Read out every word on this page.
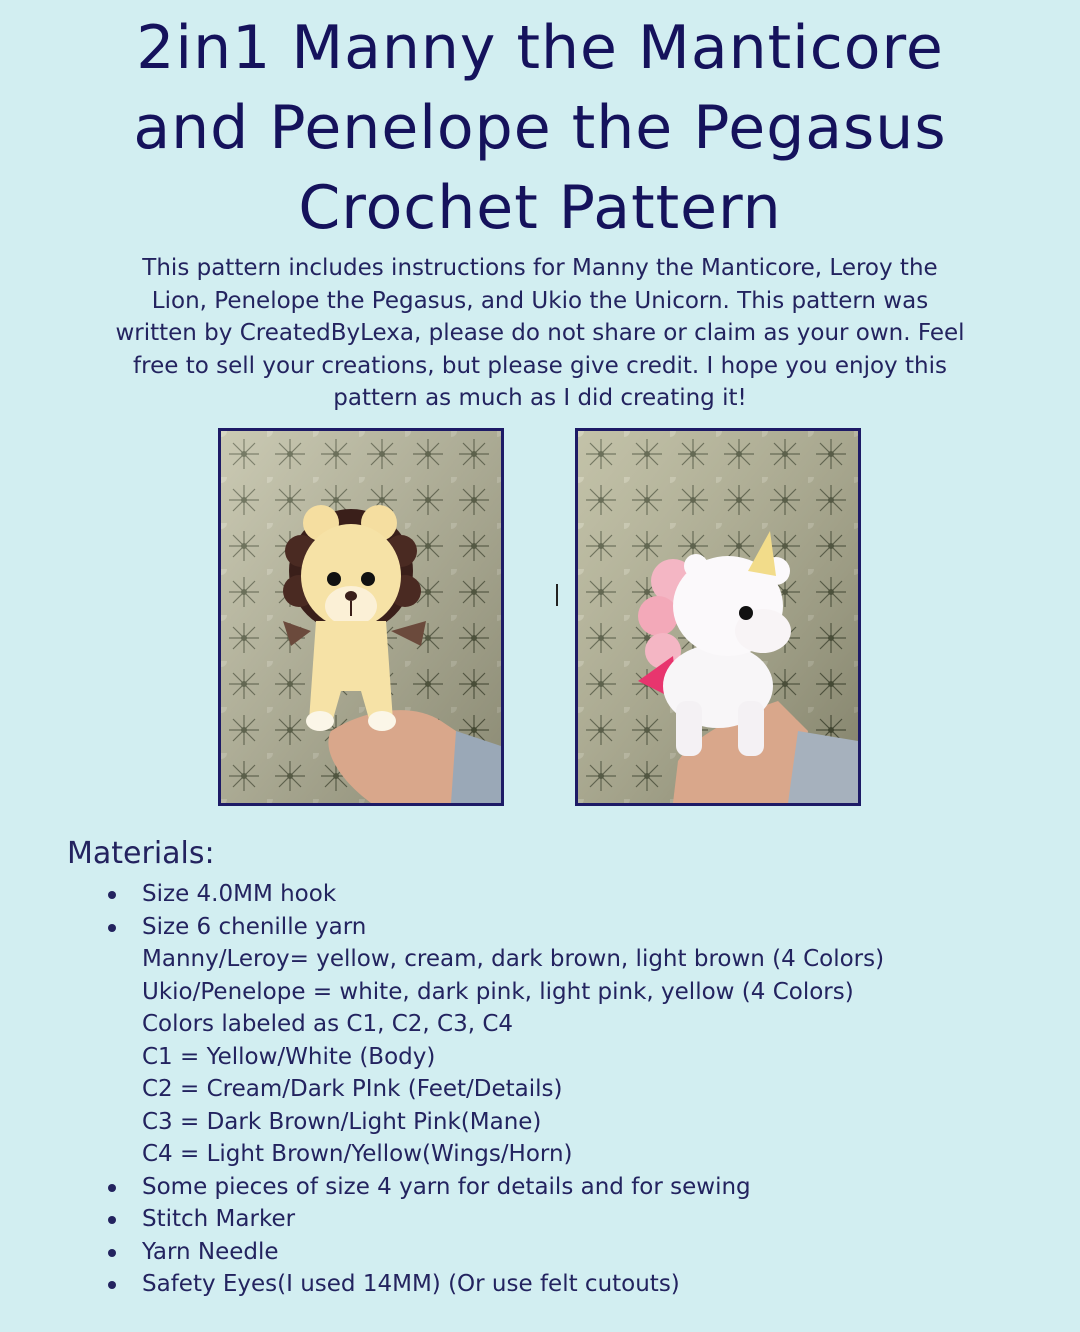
2in1 Manny the Manticore
and Penelope the Pegasus
Crochet Pattern

This pattern includes instructions for Manny the Manticore, Leroy the
Lion, Penelope the Pegasus, and Ukio the Unicorn. This pattern was
written by CreatedByLexa, please do not share or claim as your own. Feel
free to sell your creations, but please give credit. I hope you enjoy this
pattern as much as I did creating it!

Materials:
Size 4.0MM hook
Size 6 chenille yarn
Manny/Leroy= yellow, cream, dark brown, light brown (4 Colors)
Ukio/Penelope = white, dark pink, light pink, yellow (4 Colors)
Colors labeled as C1, C2, C3, C4
C1 = Yellow/White (Body)
C2 = Cream/Dark PInk (Feet/Details)
C3 = Dark Brown/Light Pink(Mane)
C4 = Light Brown/Yellow(Wings/Horn)
Some pieces of size 4 yarn for details and for sewing
Stitch Marker
Yarn Needle
Safety Eyes(I used 14MM) (Or use felt cutouts)
